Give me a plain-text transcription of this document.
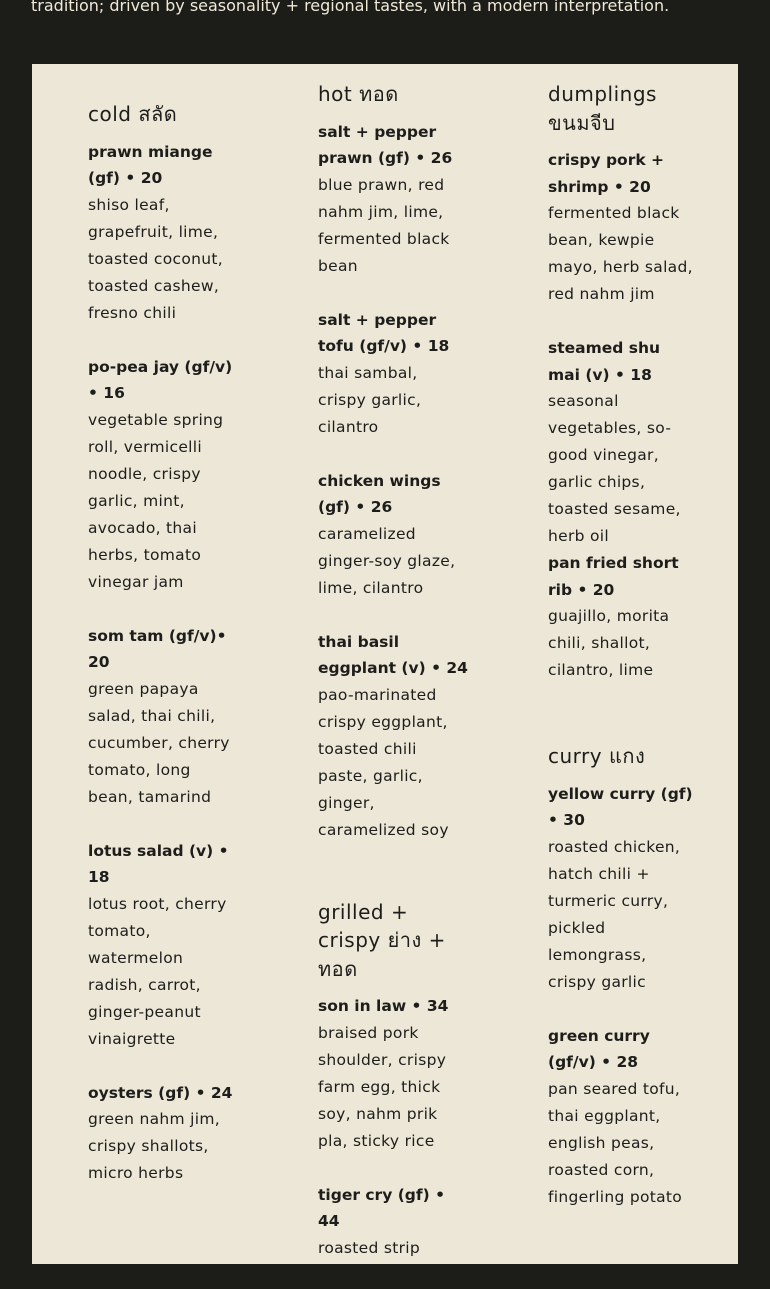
tradition; driven by seasonality + regional tastes, with a modern interpretation.

cold สลัด

prawn miange (gf) • 20

shiso leaf, grapefruit, lime, toasted coconut, toasted cashew, fresno chili

po-pea jay (gf/v) • 16

vegetable spring roll, vermicelli noodle, crispy garlic, mint, avocado, thai herbs, tomato vinegar jam

som tam (gf/v)• 20

green papaya salad, thai chili, cucumber, cherry tomato, long bean, tamarind

lotus salad (v) • 18

lotus root, cherry tomato, watermelon radish, carrot, ginger-peanut vinaigrette

oysters (gf) • 24

green nahm jim, crispy shallots, micro herbs

hot ทอด

salt + pepper prawn (gf) • 26

blue prawn, red nahm jim, lime, fermented black bean

salt + pepper tofu (gf/v) • 18

thai sambal, crispy garlic, cilantro

chicken wings (gf) • 26

caramelized ginger-soy glaze, lime, cilantro

thai basil eggplant (v) • 24

pao-marinated crispy eggplant, toasted chili paste, garlic, ginger, caramelized soy

grilled + crispy ย่าง + ทอด

son in law • 34

braised pork shoulder, crispy farm egg, thick soy, nahm prik pla, sticky rice

tiger cry (gf) • 44

roasted strip

dumplings ขนมจีบ

crispy pork + shrimp • 20

fermented black bean, kewpie mayo, herb salad, red nahm jim

steamed shu mai (v) • 18

seasonal vegetables, so-good vinegar, garlic chips, toasted sesame, herb oil

pan fried short rib • 20

guajillo, morita chili, shallot, cilantro, lime

curry แกง

yellow curry (gf) • 30

roasted chicken, hatch chili + turmeric curry, pickled lemongrass, crispy garlic

green curry (gf/v) • 28

pan seared tofu, thai eggplant, english peas, roasted corn, fingerling potato
